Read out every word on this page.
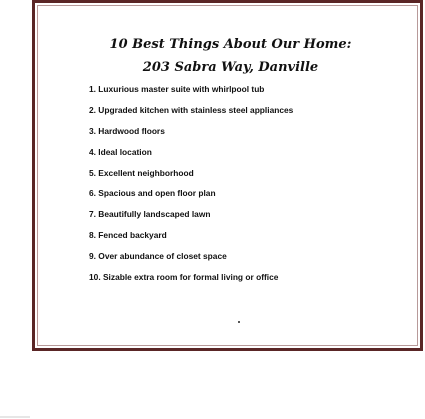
10 Best Things About Our Home:
203 Sabra Way, Danville
1. Luxurious master suite with whirlpool tub
2. Upgraded kitchen with stainless steel appliances
3. Hardwood floors
4. Ideal location
5. Excellent neighborhood
6. Spacious and open floor plan
7. Beautifully landscaped lawn
8. Fenced backyard
9. Over abundance of closet space
10. Sizable extra room for formal living or office
